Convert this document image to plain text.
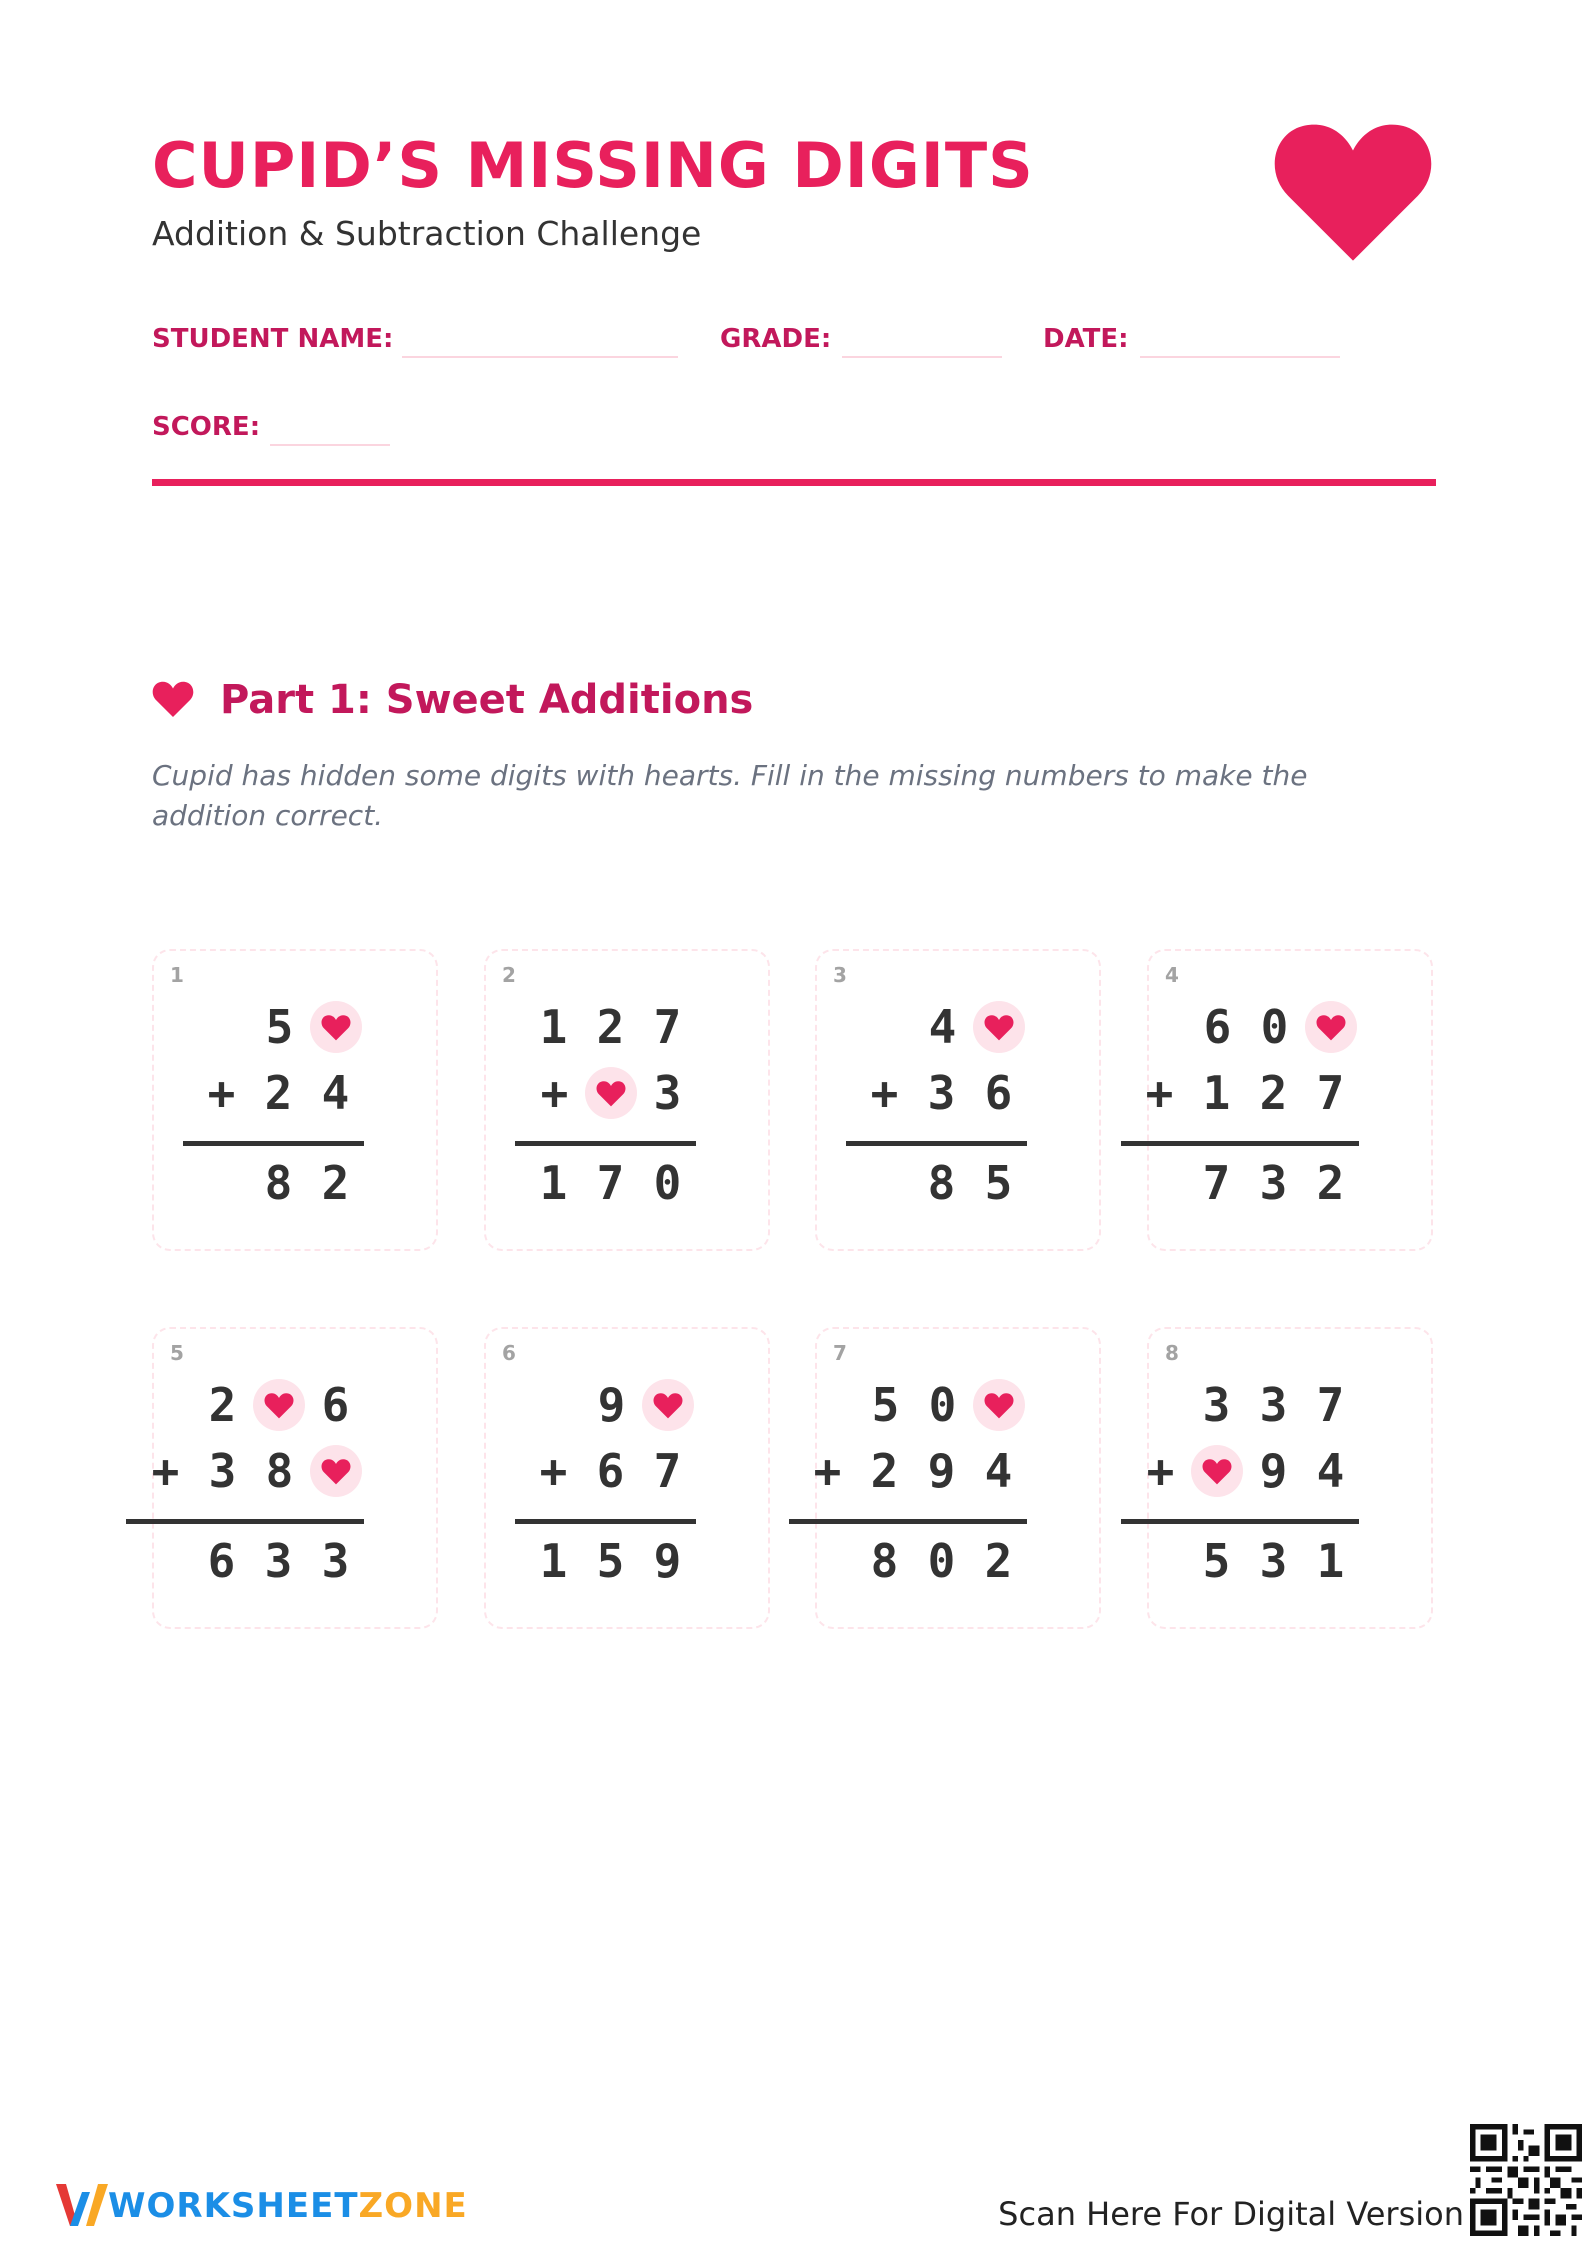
CUPID’S MISSING DIGITS
Addition & Subtraction Challenge
STUDENT NAME:	GRADE:	DATE:
SCORE:
Part 1: Sweet Additions

Cupid has hidden some digits with hearts. Fill in the missing numbers to make the addition correct.

1
5
+ 2 4
8 2
2
1 2 7
+	3
1 7 0
3
4
+ 3 6
8 5
4
6 0
+ 1 2 7
7 3 2
5
2	6
+ 3 8
6 3 3
6
9
+ 6 7
1 5 9
7
5 0
+ 2 9 4
8 0 2
8
3 3 7
+	9 4
5 3 1
WORKSHEETZONE	Scan Here For Digital Version
